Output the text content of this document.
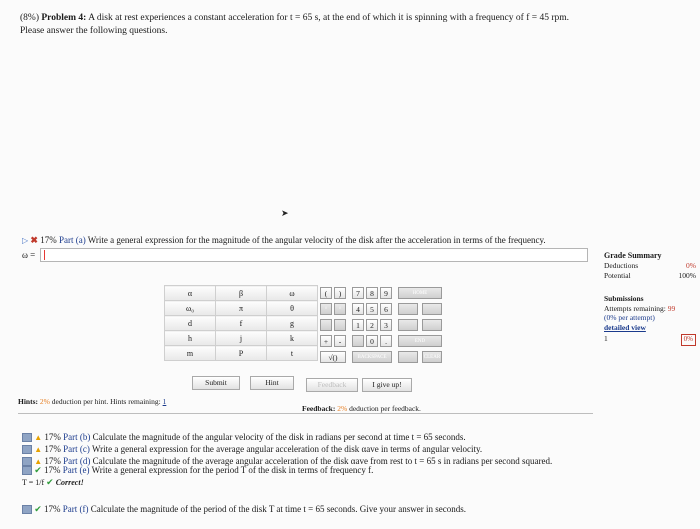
(8%) Problem 4: A disk at rest experiences a constant acceleration for t = 65 s, at the end of which it is spinning with a frequency of f = 45 rpm.
Please answer the following questions.
➤
▷ ✖ 17% Part (a) Write a general expression for the magnitude of the angular velocity of the disk after the acceleration in terms of the frequency.
ω =	Grade Summary
Deductions	0%
Potential	100%
Submissions
Attempts remaining: 99
(0% per attempt)
detailed view
1	0%
α	β	ω
ω₀	π	θ
d	f	g
h	j	k
m	P	t
(	)	7	8	9	HOME
^	^	4	5	6
1	2	3
+	-	0	.	END
√()	BACKSPACE	CLEAR
Submit	Hint	Feedback	I give up!
Hints: 2% deduction per hint. Hints remaining: 1
Feedback: 2% deduction per feedback.
▲ 17% Part (b) Calculate the magnitude of the angular velocity of the disk in radians per second at time t = 65 seconds.
▲ 17% Part (c) Write a general expression for the average angular acceleration of the disk αave in terms of angular velocity.
▲ 17% Part (d) Calculate the magnitude of the average angular acceleration of the disk αave from rest to t = 65 s in radians per second squared.
✔ 17% Part (e) Write a general expression for the period T of the disk in terms of frequency f.
T = 1/f ✔ Correct!
✔ 17% Part (f) Calculate the magnitude of the period of the disk T at time t = 65 seconds. Give your answer in seconds.
